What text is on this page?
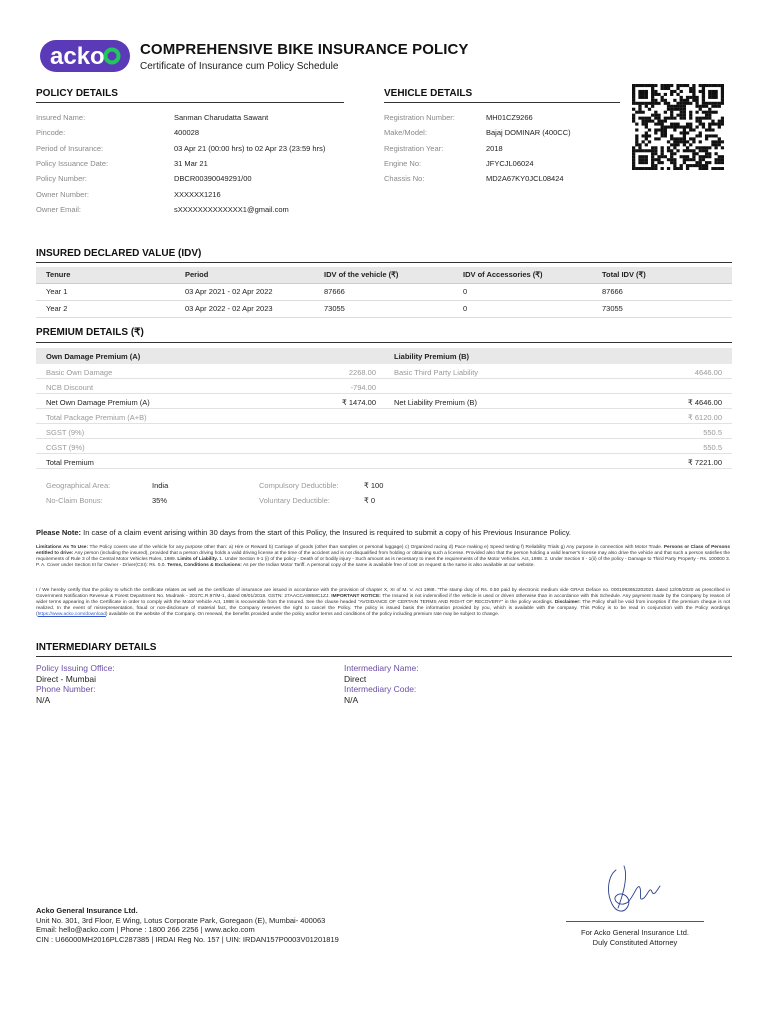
acko COMPREHENSIVE BIKE INSURANCE POLICY
Certificate of Insurance cum Policy Schedule
POLICY DETAILS
Insured Name:	Sanman Charudatta Sawant
Pincode:	400028
Period of Insurance:	03 Apr 21 (00:00 hrs) to 02 Apr 23 (23:59 hrs)
Policy Issuance Date:	31 Mar 21
Policy Number:	DBCR00390049291/00
Owner Number:	XXXXXX1216
Owner Email:	sXXXXXXXXXXXXX1@gmail.com
VEHICLE DETAILS
Registration Number:	MH01CZ9266
Make/Model:	Bajaj DOMINAR (400CC)
Registration Year:	2018
Engine No:	JFYCJL06024
Chassis No:	MD2A67KY0JCL08424
INSURED DECLARED VALUE (IDV)
Tenure	Period	IDV of the vehicle (₹)	IDV of Accessories (₹)	Total IDV (₹)
Year 1	03 Apr 2021 - 02 Apr 2022	87666	0	87666
Year 2	03 Apr 2022 - 02 Apr 2023	73055	0	73055
PREMIUM DETAILS (₹)
Own Damage Premium (A)	Liability Premium (B)
Basic Own Damage	2268.00 Basic Third Party Liability	4646.00
NCB Discount	-794.00
Net Own Damage Premium (A)	₹ 1474.00 Net Liability Premium (B)	₹ 4646.00
Total Package Premium (A+B)	₹ 6120.00
SGST (9%)	550.5
CGST (9%)	550.5
Total Premium	₹ 7221.00
Geographical Area:	India	Compulsory Deductible:	₹ 100
No-Claim Bonus:	35%	Voluntary Deductible:	₹ 0
Please Note: In case of a claim event arising within 30 days from the start of this Policy, the Insured is required to submit a copy of his Previous Insurance Policy.
Limitations As To Use: The Policy covers use of the vehicle for any purpose other than: a) Hire or Reward b) Carriage of goods (other than samples or personal luggage) c) Organized racing d) Pace making e) Speed testing f) Reliability Trials g) Any purpose in connection with Motor Trade. Persons or Class of Persons entitled to drive: Any person (including the insured), provided that a person driving holds a valid driving license at the time of the accident and is not disqualified from holding or obtaining such a license. Provided also that the person holding a valid learner's license may also drive the vehicle and that such a person satisfies the requirements of Rule 3 of the Central Motor Vehicles Rules, 1989. Limits of Liability. 1. Under Section II-1 (i) of the policy - Death of or bodily injury - Such amount as is necessary to meet the requirements of the Motor Vehicles. Act, 1988. 2. Under Section II - 1(ii) of the policy - Damage to Third Party Property - Rs. 100000 3. P. A. Cover under Section III for Owner - Driver(CSI): Rs. 0.0. Terms, Conditions & Exclusions: As per the Indian Motor Tariff. A personal copy of the same is available free of cost on request & the same is also available at our website.
I / We hereby certify that the policy to which the certificate relates as well as the certificate of insurance are issued in accordance with the provision of chapter X, XI of M. V. Act 1988. "The stamp duty of Rs. 0.50 paid by electronic medium vide GRAS Deface no. 0001993652202021 dated 12/05/2020 as prescribed in Government Notification Revenue & Forest Department No. Mudrank - 2017C.R.97/M-1, dated 09/01/2018. GSTN: 27AACCA8858C1ZJ. IMPORTANT NOTICE: The Insured is not indemnified if the vehicle is used or driven otherwise than in accordance with this Schedule. Any payment made by the Company by reason of wider terms appearing in the Certificate in order to comply with the Motor Vehicle Act, 1988 is recoverable from the Insured. See the clause headed "AVOIDANCE OF CERTAIN TERMS AND RIGHT OF RECOVERY" in the policy wordings. Disclaimer: The Policy shall be void from inception if the premium cheque is not realized. In the event of misrepresentation, fraud or non-disclosure of material fact, the Company reserves the right to cancel the Policy. The policy is issued basis the information provided by you, which is available with the company. This Policy is to be read in conjunction with the Policy wordings (https://www.acko.com/download) available on the website of the Company. On renewal, the benefits provided under the policy and/or terms and conditions of the policy including premium rate may be subject to change.
INTERMEDIARY DETAILS
Policy Issuing Office:
Direct - Mumbai
Phone Number:
N/A
Intermediary Name:
Direct
Intermediary Code:
N/A
Acko General Insurance Ltd.
Unit No. 301, 3rd Floor, E Wing, Lotus Corporate Park, Goregaon (E), Mumbai- 400063
Email: hello@acko.com | Phone : 1800 266 2256 | www.acko.com
CIN : U66000MH2016PLC287385 | IRDAI Reg No. 157 | UIN: IRDAN157P0003V01201819
For Acko General Insurance Ltd.
Duly Constituted Attorney
